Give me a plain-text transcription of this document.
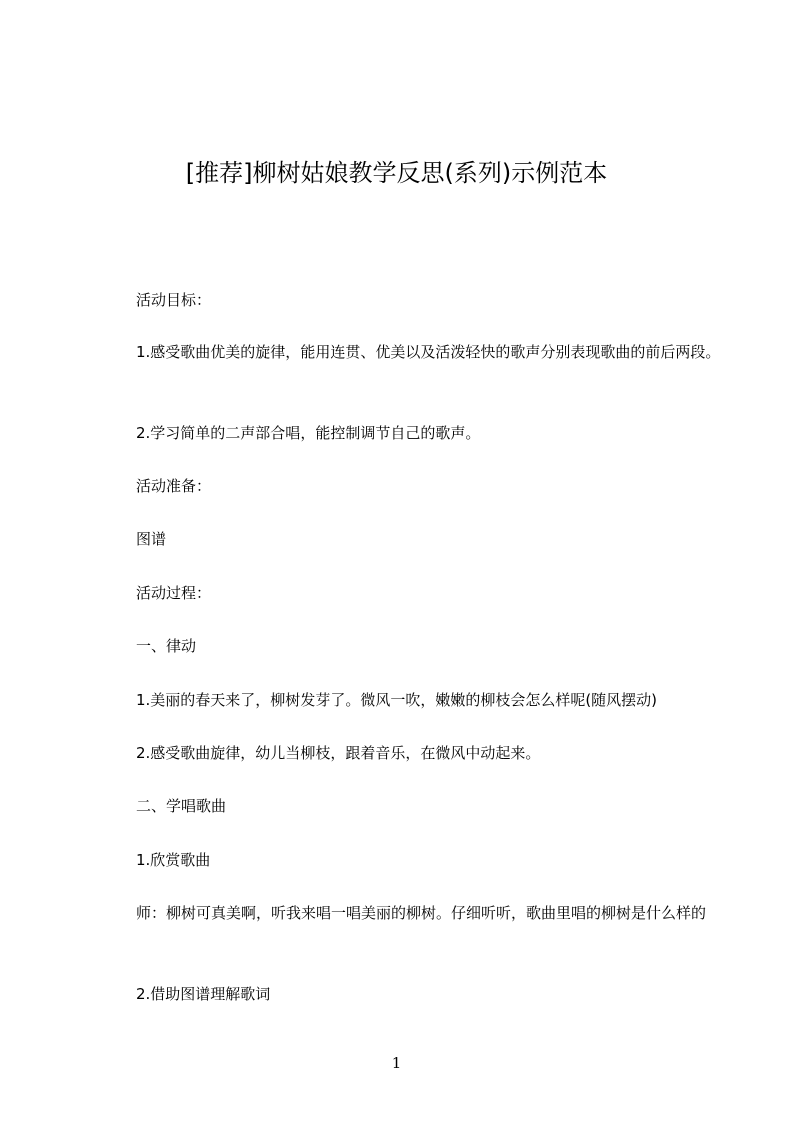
[推荐]柳树姑娘教学反思(系列)示例范本

活动目标：

1.感受歌曲优美的旋律，能用连贯、优美以及活泼轻快的歌声分别表现歌曲的前后两段。

2.学习简单的二声部合唱，能控制调节自己的歌声。

活动准备：

图谱

活动过程：

一、律动

1.美丽的春天来了，柳树发芽了。微风一吹，嫩嫩的柳枝会怎么样呢(随风摆动)

2.感受歌曲旋律，幼儿当柳枝，跟着音乐，在微风中动起来。

二、学唱歌曲

1.欣赏歌曲

师：柳树可真美啊，听我来唱一唱美丽的柳树。仔细听听，歌曲里唱的柳树是什么样的

2.借助图谱理解歌词

1
